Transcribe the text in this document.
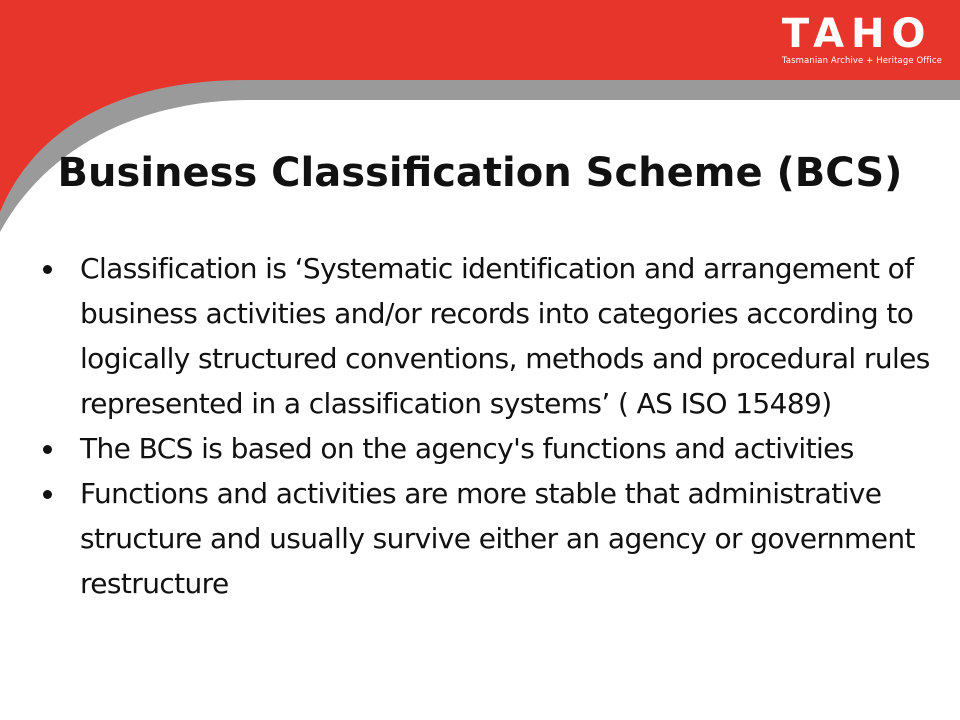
TAHO
Tasmanian Archive + Heritage Office
Business Classification Scheme (BCS)
Classification is ‘Systematic identification and arrangement of business activities and/or records into categories according to logically structured conventions, methods and procedural rules represented in a classification systems’ ( AS ISO 15489)
The BCS is based on the agency's functions and activities
Functions and activities are more stable that administrative structure and usually survive either an agency or government restructure
